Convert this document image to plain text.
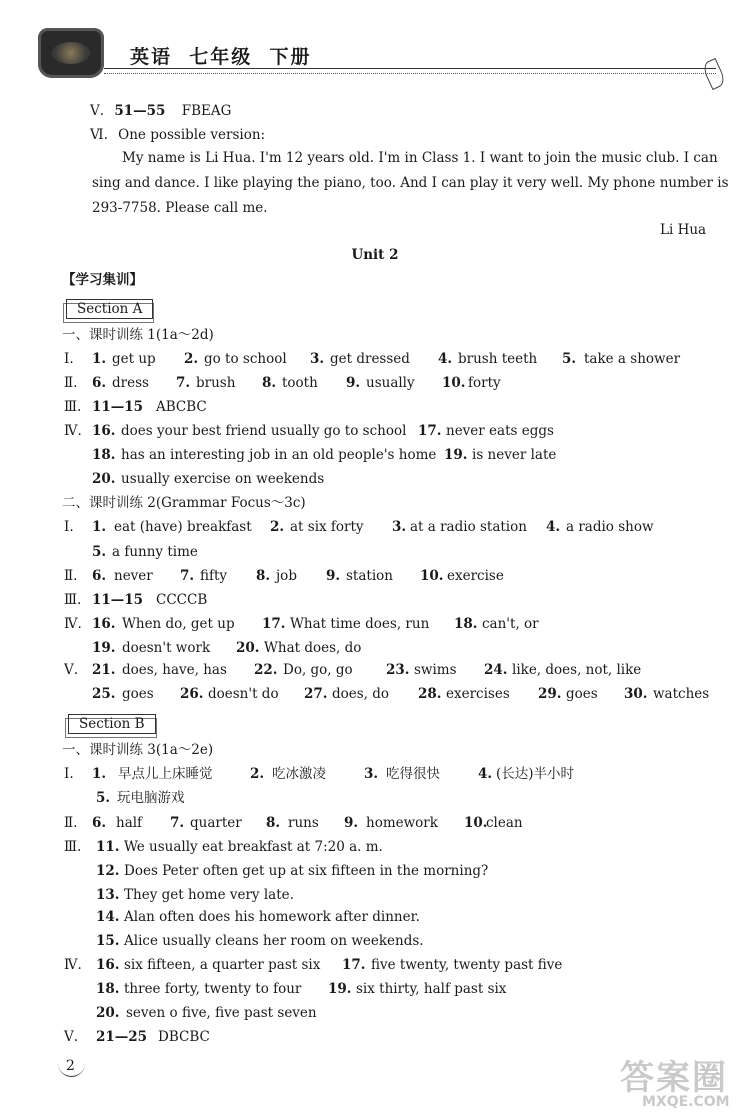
英语  七年级  下册
Ⅴ. 51—55 FBEAG
Ⅵ. One possible version:
My name is Li Hua. I'm 12 years old. I'm in Class 1. I want to join the music club. I can
sing and dance. I like playing the piano, too. And I can play it very well. My phone number is
293-7758. Please call me.
Li Hua
Unit 2
【学习集训】
Section A
一、课时训练 1(1a～2d)
Ⅰ. 1. get up 2. go to school 3. get dressed 4. brush teeth 5. take a shower
Ⅱ. 6. dress 7. brush 8. tooth 9. usually 10. forty
Ⅲ. 11—15 ABCBC
Ⅳ. 16. does your best friend usually go to school 17. never eats eggs
18. has an interesting job in an old people's home 19. is never late
20. usually exercise on weekends
二、课时训练 2(Grammar Focus～3c)
Ⅰ. 1. eat (have) breakfast 2. at six forty 3. at a radio station 4. a radio show
5. a funny time
Ⅱ. 6. never 7. fifty 8. job 9. station 10. exercise
Ⅲ. 11—15 CCCCB
Ⅳ. 16. When do, get up 17. What time does, run 18. can't, or
19. doesn't work 20. What does, do
Ⅴ. 21. does, have, has 22. Do, go, go 23. swims 24. like, does, not, like
25. goes 26. doesn't do 27. does, do 28. exercises 29. goes 30. watches
Section B
一、课时训练 3(1a～2e)
Ⅰ. 1. 早点儿上床睡觉	2. 吃冰激凌	3. 吃得很快	4. (长达)半小时
5. 玩电脑游戏
Ⅱ. 6. half 7. quarter 8. runs 9. homework 10.
clean
Ⅲ. 11. We usually eat breakfast at 7:20 a. m.
12. Does Peter often get up at six fifteen in the morning?
13. They get home very late.
14. Alan often does his homework after dinner.
15. Alice usually cleans her room on weekends.
Ⅳ. 16. six fifteen, a quarter past six 17. five twenty, twenty past five
18. three forty, twenty to four 19. six thirty, half past six
20. seven o five, five past seven
Ⅴ. 21—25 DBCBC
2	答案圈
MXQE.COM
